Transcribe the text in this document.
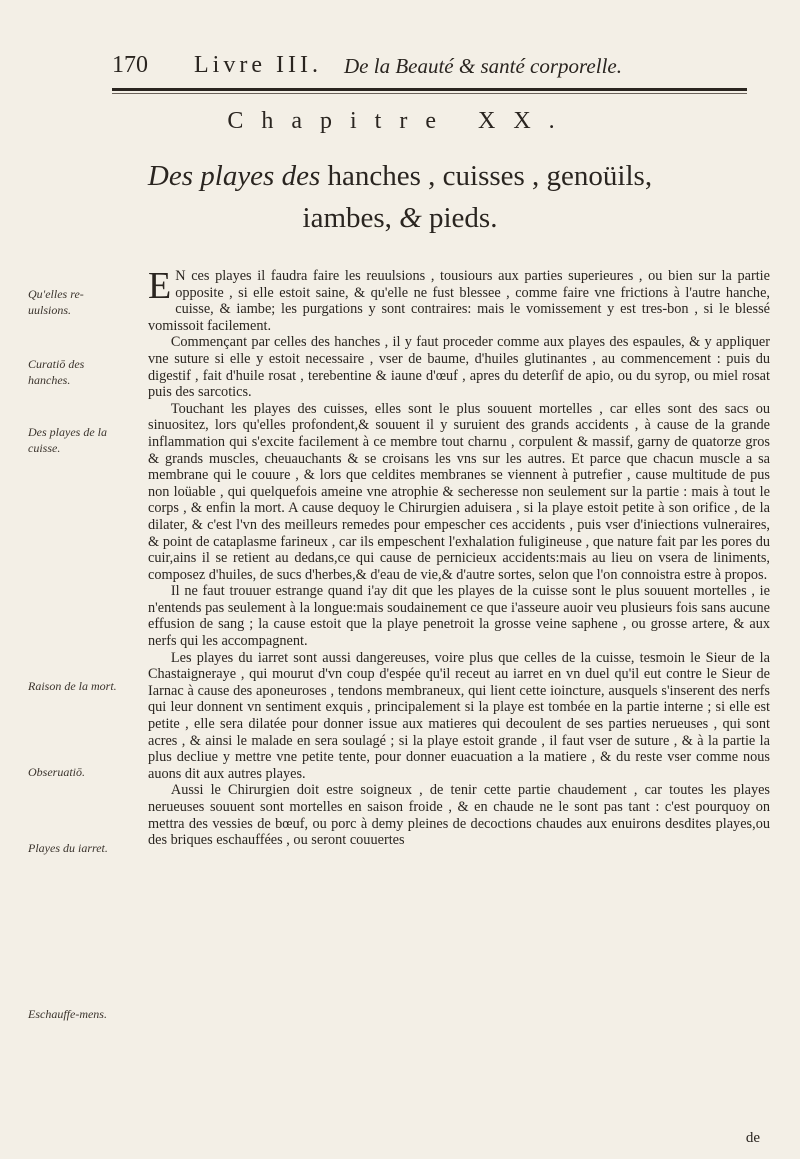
170 Livre III. De la Beauté & santé corporelle.
Chapitre XX.
Des playes des hanches , cuisses , genoüils,
iambes, & pieds.
Qu'elles re-uulsions.
Curatiō des hanches.
Des playes de la cuisse.
Raison de la mort.
Obseruatiō.
Playes du iarret.
Eschauffe-mens.

E N ces playes il faudra faire les reuulsions , tousiours aux parties superieures , ou bien sur la partie opposite , si elle estoit saine, & qu'elle ne fust blessee , comme faire vne frictions à l'autre hanche, cuisse, & iambe; les purgations y sont contraires: mais le vomissement y est tres-bon , si le blessé vomissoit facilement.

Commençant par celles des hanches , il y faut proceder comme aux playes des espaules, & y appliquer vne suture si elle y estoit necessaire , vser de baume, d'huiles glutinantes , au commencement : puis du digestif , fait d'huile rosat , terebentine & iaune d'œuf , apres du deterſif de apio, ou du syrop, ou miel rosat puis des sarcotics.

Touchant les playes des cuisses, elles sont le plus souuent mortelles , car elles sont des sacs ou sinuositez, lors qu'elles profondent,& souuent il y suruient des grands accidents , à cause de la grande inflammation qui s'excite facilement à ce membre tout charnu , corpulent & massif, garny de quatorze gros & grands muscles, cheuauchants & se croisans les vns sur les autres. Et parce que chacun muscle a sa membrane qui le couure , & lors que celdites membranes se viennent à putrefier , cause multitude de pus non loüable , qui quelquefois ameine vne atrophie & secheresse non seulement sur la partie : mais à tout le corps , & enfin la mort. A cause dequoy le Chirurgien aduisera , si la playe estoit petite à son orifice , de la dilater, & c'est l'vn des meilleurs remedes pour empescher ces accidents , puis vser d'iniections vulneraires, & point de cataplasme farineux , car ils empeschent l'exhalation fuligineuse , que nature fait par les pores du cuir,ains il se retient au dedans,ce qui cause de pernicieux accidents:mais au lieu on vsera de liniments, composez d'huiles, de sucs d'herbes,& d'eau de vie,& d'autre sortes, selon que l'on connoistra estre à propos.

Il ne faut trouuer estrange quand i'ay dit que les playes de la cuisse sont le plus souuent mortelles , ie n'entends pas seulement à la longue:mais soudainement ce que i'asseure auoir veu plusieurs fois sans aucune effusion de sang ; la cause estoit que la playe penetroit la grosse veine saphene , ou grosse artere, & aux nerfs qui les accompagnent.

Les playes du iarret sont aussi dangereuses, voire plus que celles de la cuisse, tesmoin le Sieur de la Chastaigneraye , qui mourut d'vn coup d'espée qu'il receut au iarret en vn duel qu'il eut contre le Sieur de Iarnac à cause des aponeuroses , tendons membraneux, qui lient cette ioincture, ausquels s'inserent des nerfs qui leur donnent vn sentiment exquis , principalement si la playe est tombée en la partie interne ; si elle est petite , elle sera dilatée pour donner issue aux matieres qui decoulent de ses parties nerueuses , qui sont acres , & ainsi le malade en sera soulagé ; si la playe estoit grande , il faut vser de suture , & à la partie la plus decliue y mettre vne petite tente, pour donner euacuation a la matiere , & du reste vser comme nous auons dit aux autres playes.

Aussi le Chirurgien doit estre soigneux , de tenir cette partie chaudement , car toutes les playes nerueuses souuent sont mortelles en saison froide , & en chaude ne le sont pas tant : c'est pourquoy on mettra des vessies de bœuf, ou porc à demy pleines de decoctions chaudes aux enuirons desdites playes,ou des briques eschauffées , ou seront couuertes

de
